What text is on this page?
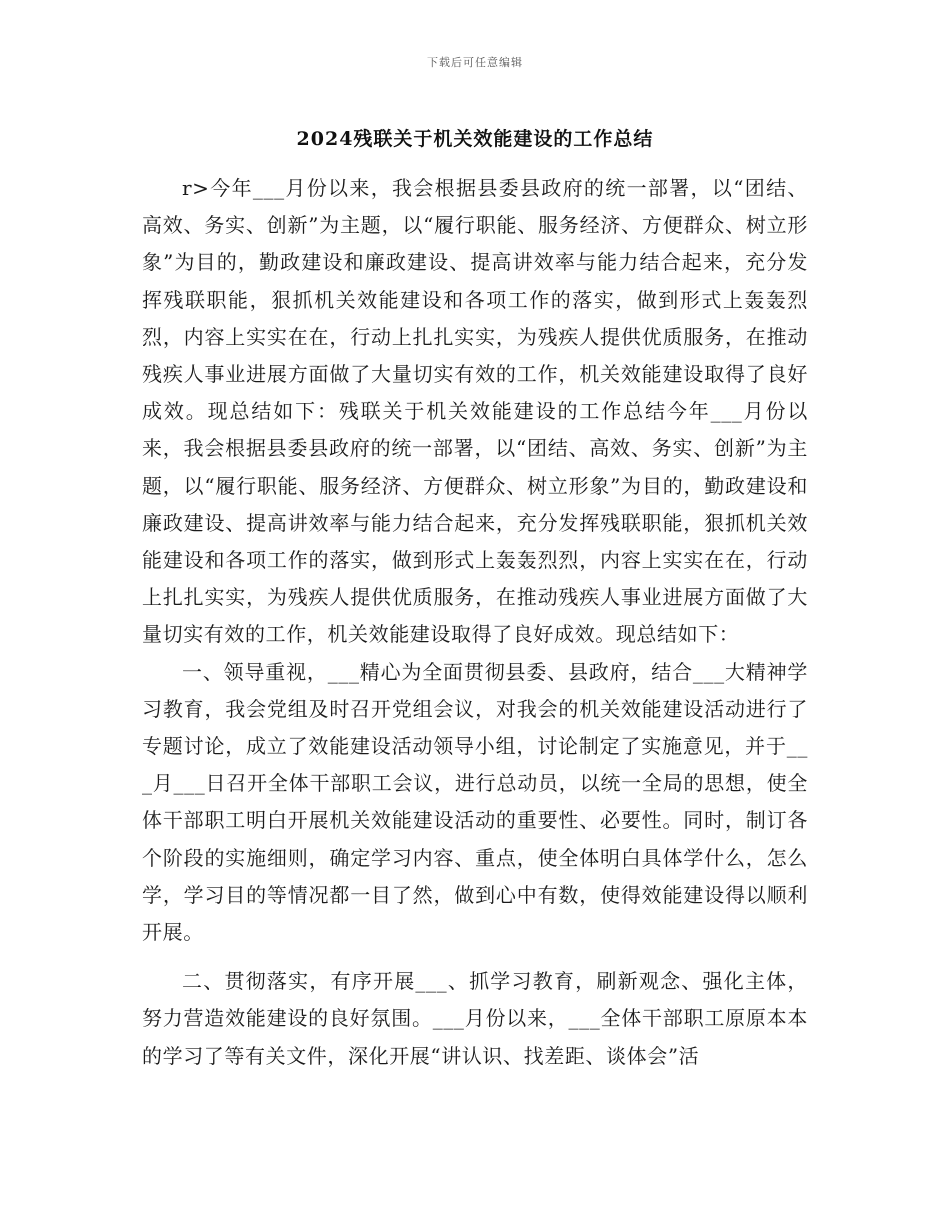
下载后可任意编辑
2024残联关于机关效能建设的工作总结

r>今年___月份以来，我会根据县委县政府的统一部署，以“团结、高效、务实、创新”为主题，以“履行职能、服务经济、方便群众、树立形象”为目的，勤政建设和廉政建设、提高讲效率与能力结合起来，充分发挥残联职能，狠抓机关效能建设和各项工作的落实，做到形式上轰轰烈烈，内容上实实在在，行动上扎扎实实，为残疾人提供优质服务，在推动残疾人事业进展方面做了大量切实有效的工作，机关效能建设取得了良好成效。现总结如下：残联关于机关效能建设的工作总结今年___月份以来，我会根据县委县政府的统一部署，以“团结、高效、务实、创新”为主题，以“履行职能、服务经济、方便群众、树立形象”为目的，勤政建设和廉政建设、提高讲效率与能力结合起来，充分发挥残联职能，狠抓机关效能建设和各项工作的落实，做到形式上轰轰烈烈，内容上实实在在，行动上扎扎实实，为残疾人提供优质服务，在推动残疾人事业进展方面做了大量切实有效的工作，机关效能建设取得了良好成效。现总结如下：

一、领导重视，___精心为全面贯彻县委、县政府，结合___大精神学习教育，我会党组及时召开党组会议，对我会的机关效能建设活动进行了专题讨论，成立了效能建设活动领导小组，讨论制定了实施意见，并于___月___日召开全体干部职工会议，进行总动员，以统一全局的思想，使全体干部职工明白开展机关效能建设活动的重要性、必要性。同时，制订各个阶段的实施细则，确定学习内容、重点，使全体明白具体学什么，怎么学，学习目的等情况都一目了然，做到心中有数，使得效能建设得以顺利开展。

二、贯彻落实，有序开展___、抓学习教育，刷新观念、强化主体，努力营造效能建设的良好氛围。___月份以来，___全体干部职工原原本本的学习了等有关文件，深化开展“讲认识、找差距、谈体会”活
